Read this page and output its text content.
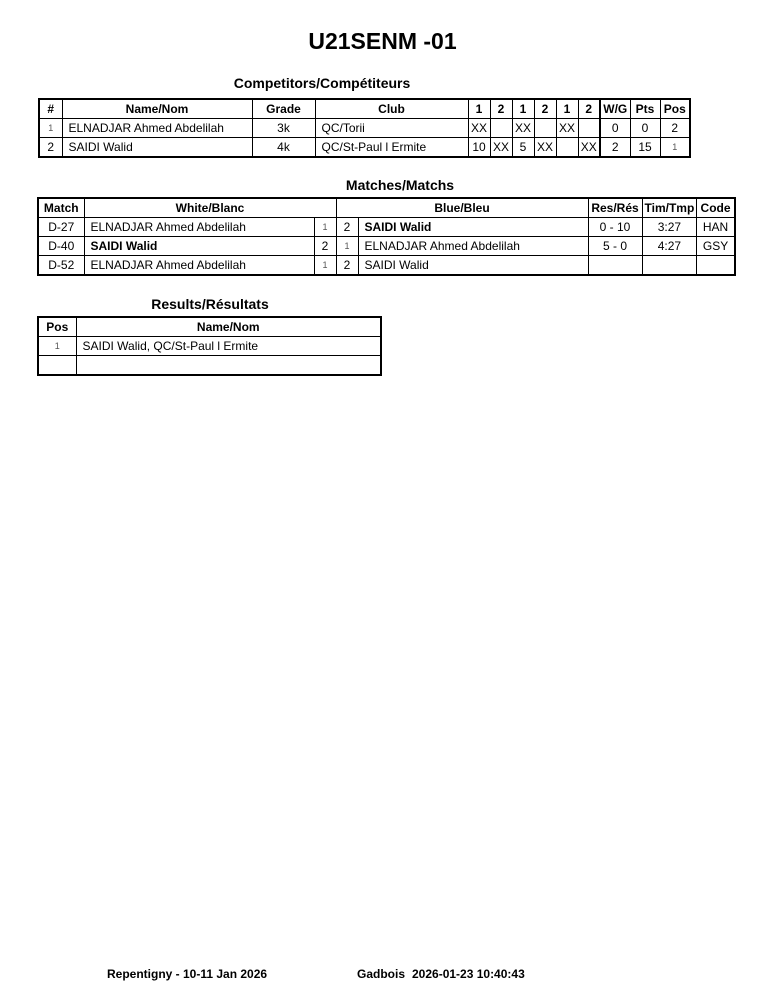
U21SENM -01
Competitors/Compétiteurs
#	Name/Nom	Grade	Club	1	2	1	2	1	2	W/G	Pts	Pos
1	ELNADJAR Ahmed Abdelilah	3k	QC/Torii	XX		XX		XX		0	0	2
2	SAIDI Walid	4k	QC/St-Paul l Ermite	10	XX	5	XX		XX	2	15	1
Matches/Matchs
Match	White/Blanc		Blue/Bleu		Res/Rés	Tim/Tmp	Code
D-27	ELNADJAR Ahmed Abdelilah	1	2	SAIDI Walid	0 - 10	3:27	HAN
D-40	SAIDI Walid	2	1	ELNADJAR Ahmed Abdelilah	5 - 0	4:27	GSY
D-52	ELNADJAR Ahmed Abdelilah	1	2	SAIDI Walid			
Results/Résultats
Pos	Name/Nom
1	SAIDI Walid, QC/St-Paul l Ermite

Repentigny - 10-11 Jan 2026	Gadbois 2026-01-23 10:40:43
